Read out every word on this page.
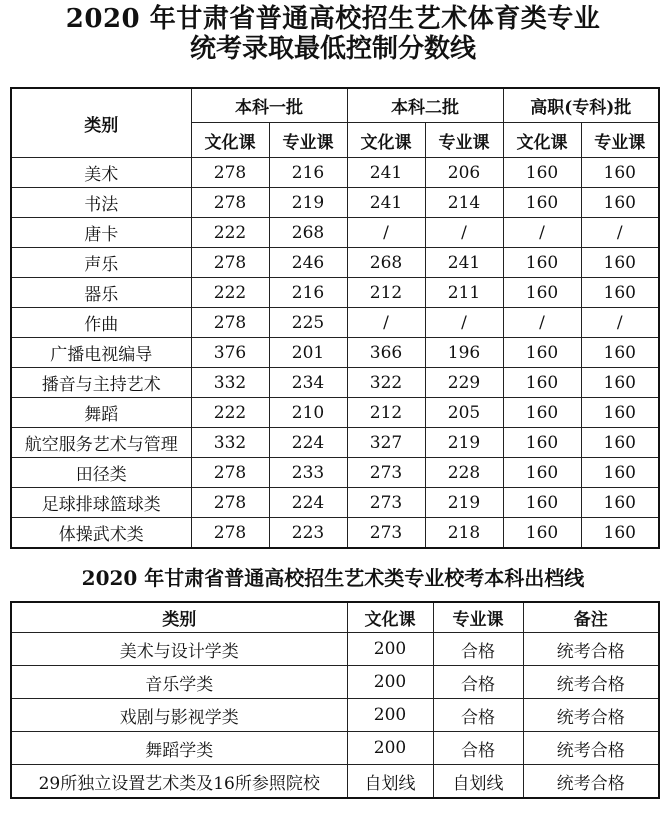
2020 年甘肃省普通高校招生艺术体育类专业
统考录取最低控制分数线
类别	本科一批		本科二批		高职(专科)批	
	文化课	专业课	文化课	专业课	文化课	专业课
美术	278	216	241	206	160	160
书法	278	219	241	214	160	160
唐卡	222	268	/	/	/	/
声乐	278	246	268	241	160	160
器乐	222	216	212	211	160	160
作曲	278	225	/	/	/	/
广播电视编导	376	201	366	196	160	160
播音与主持艺术	332	234	322	229	160	160
舞蹈	222	210	212	205	160	160
航空服务艺术与管理	332	224	327	219	160	160
田径类	278	233	273	228	160	160
足球排球篮球类	278	224	273	219	160	160
体操武术类	278	223	273	218	160	160
2020 年甘肃省普通高校招生艺术类专业校考本科出档线
类别	文化课	专业课	备注
美术与设计学类	200	合格	统考合格
音乐学类	200	合格	统考合格
戏剧与影视学类	200	合格	统考合格
舞蹈学类	200	合格	统考合格
29所独立设置艺术类及16所参照院校	自划线	自划线	统考合格
